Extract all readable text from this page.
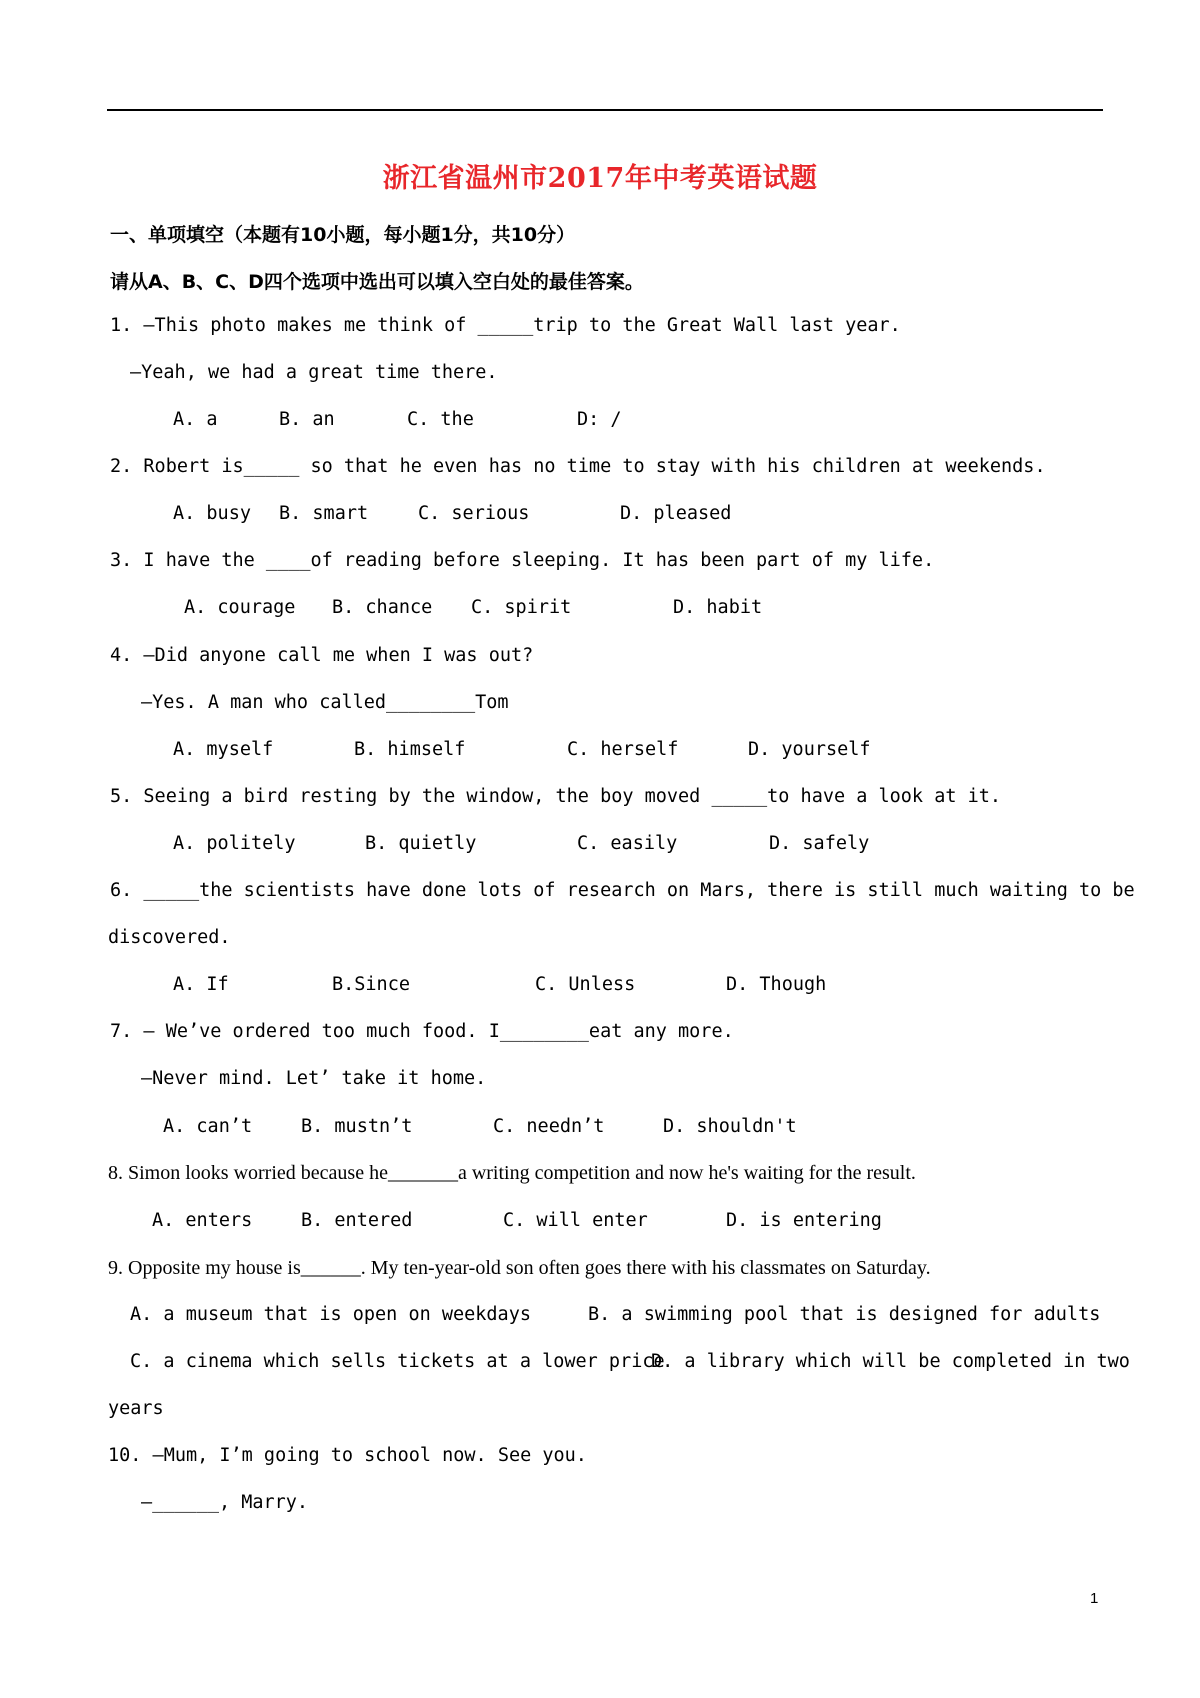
浙江省温州市2017年中考英语试题
一、单项填空（本题有10小题，每小题1分，共10分）
请从A、B、C、D四个选项中选出可以填入空白处的最佳答案。
1. —This photo makes me think of _____trip to the Great Wall last year.
—Yeah, we had a great time there.
A. a	B. an	C. the	D: /
2. Robert is_____ so that he even has no time to stay with his children at weekends.
A. busy B. smart	C. serious	D. pleased
3. I have the ____of reading before sleeping. It has been part of my life.
A. courage B. chance C. spirit	D. habit
4. —Did anyone call me when I was out?
—Yes. A man who called________Tom
A. myself	B. himself	C. herself	D. yourself
5. Seeing a bird resting by the window, the boy moved _____to have a look at it.
A. politely	B. quietly	C. easily	D. safely
6. _____the scientists have done lots of research on Mars, there is still much waiting to be
discovered.
A. If	B.Since	C. Unless	D. Though
7. — We’ve ordered too much food. I________eat any more.
—Never mind. Let’ take it home.
A. can’t	B. mustn’t	C. needn’t	D. shouldn't
8. Simon looks worried because he_______a writing competition and now he's waiting for the result.
A. enters	B. entered	C. will enter	D. is entering
9. Opposite my house is______. My ten-year-old son often goes there with his classmates on Saturday.
A. a museum that is open on weekdays	B. a swimming pool that is designed for adults
C. a cinema which sells tickets at a lower price
D. a library which will be completed in two
years
10. —Mum, I’m going to school now. See you.
—______, Marry.
1
